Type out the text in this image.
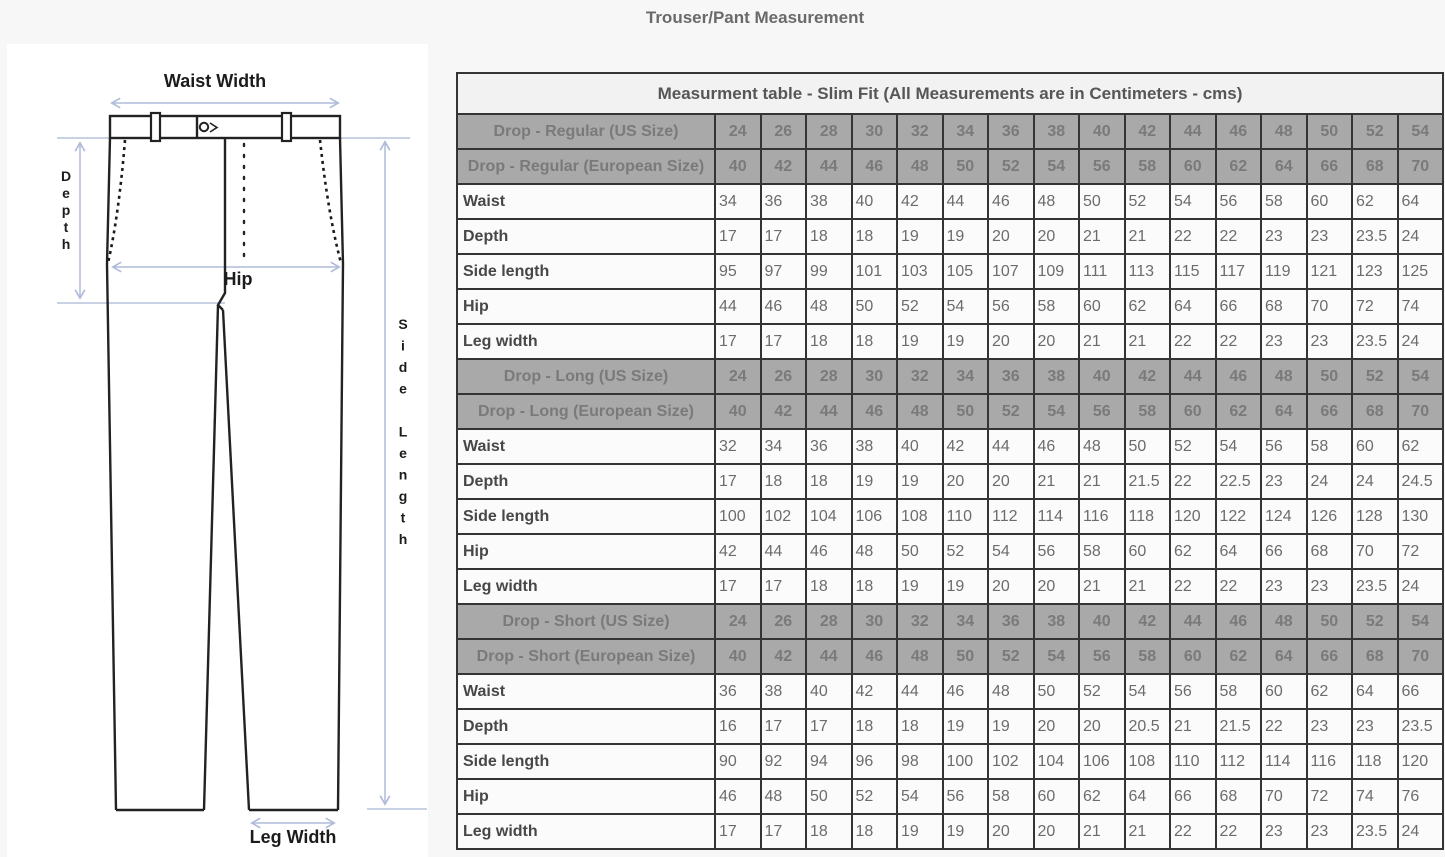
Trouser/Pant Measurement
Waist Width
Depth
Hip
Side Length
Leg Width
Measurment table - Slim Fit (All Measurements are in Centimeters - cms)																
Drop - Regular (US Size)	24	26	28	30	32	34	36	38	40	42	44	46	48	50	52	54
Drop - Regular (European Size)	40	42	44	46	48	50	52	54	56	58	60	62	64	66	68	70
Waist	34	36	38	40	42	44	46	48	50	52	54	56	58	60	62	64
Depth	17	17	18	18	19	19	20	20	21	21	22	22	23	23	23.5	24
Side length	95	97	99	101	103	105	107	109	111	113	115	117	119	121	123	125
Hip	44	46	48	50	52	54	56	58	60	62	64	66	68	70	72	74
Leg width	17	17	18	18	19	19	20	20	21	21	22	22	23	23	23.5	24
Drop - Long (US Size)	24	26	28	30	32	34	36	38	40	42	44	46	48	50	52	54
Drop - Long (European Size)	40	42	44	46	48	50	52	54	56	58	60	62	64	66	68	70
Waist	32	34	36	38	40	42	44	46	48	50	52	54	56	58	60	62
Depth	17	18	18	19	19	20	20	21	21	21.5	22	22.5	23	24	24	24.5
Side length	100	102	104	106	108	110	112	114	116	118	120	122	124	126	128	130
Hip	42	44	46	48	50	52	54	56	58	60	62	64	66	68	70	72
Leg width	17	17	18	18	19	19	20	20	21	21	22	22	23	23	23.5	24
Drop - Short (US Size)	24	26	28	30	32	34	36	38	40	42	44	46	48	50	52	54
Drop - Short (European Size)	40	42	44	46	48	50	52	54	56	58	60	62	64	66	68	70
Waist	36	38	40	42	44	46	48	50	52	54	56	58	60	62	64	66
Depth	16	17	17	18	18	19	19	20	20	20.5	21	21.5	22	23	23	23.5
Side length	90	92	94	96	98	100	102	104	106	108	110	112	114	116	118	120
Hip	46	48	50	52	54	56	58	60	62	64	66	68	70	72	74	76
Leg width	17	17	18	18	19	19	20	20	21	21	22	22	23	23	23.5	24
